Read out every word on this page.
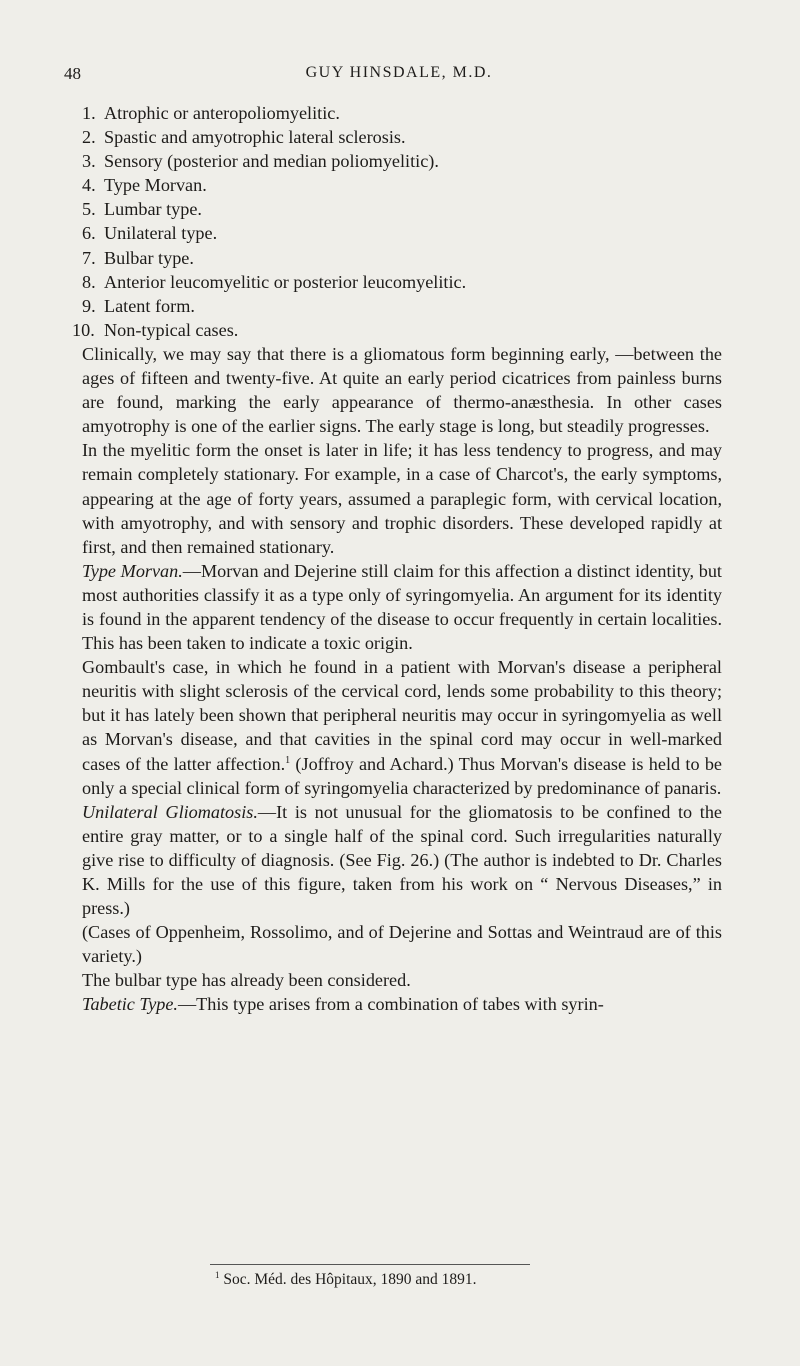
48	GUY HINSDALE, M.D.
1. Atrophic or anteropoliomyelitic.
2. Spastic and amyotrophic lateral sclerosis.
3. Sensory (posterior and median poliomyelitic).
4. Type Morvan.
5. Lumbar type.
6. Unilateral type.
7. Bulbar type.
8. Anterior leucomyelitic or posterior leucomyelitic.
9. Latent form.
10. Non-typical cases.

Clinically, we may say that there is a gliomatous form beginning early, —between the ages of fifteen and twenty-five. At quite an early period cicatrices from painless burns are found, marking the early appearance of thermo-anæsthesia. In other cases amyotrophy is one of the earlier signs. The early stage is long, but steadily progresses.

In the myelitic form the onset is later in life; it has less tendency to progress, and may remain completely stationary. For example, in a case of Charcot's, the early symptoms, appearing at the age of forty years, assumed a paraplegic form, with cervical location, with amyotrophy, and with sensory and trophic disorders. These developed rapidly at first, and then remained stationary.

Type Morvan.—Morvan and Dejerine still claim for this affection a distinct identity, but most authorities classify it as a type only of syringomyelia. An argument for its identity is found in the apparent tendency of the disease to occur frequently in certain localities. This has been taken to indicate a toxic origin.

Gombault's case, in which he found in a patient with Morvan's disease a peripheral neuritis with slight sclerosis of the cervical cord, lends some probability to this theory; but it has lately been shown that peripheral neuritis may occur in syringomyelia as well as Morvan's disease, and that cavities in the spinal cord may occur in well-marked cases of the latter affection.$^1$ (Joffroy and Achard.) Thus Morvan's disease is held to be only a special clinical form of syringomyelia characterized by predominance of panaris.

Unilateral Gliomatosis.—It is not unusual for the gliomatosis to be confined to the entire gray matter, or to a single half of the spinal cord. Such irregularities naturally give rise to difficulty of diagnosis. (See Fig. 26.) (The author is indebted to Dr. Charles K. Mills for the use of this figure, taken from his work on “ Nervous Diseases,” in press.)

(Cases of Oppenheim, Rossolimo, and of Dejerine and Sottas and Weintraud are of this variety.)

The bulbar type has already been considered.

Tabetic Type.—This type arises from a combination of tabes with syrin-

$^1$ Soc. Méd. des Hôpitaux, 1890 and 1891.
